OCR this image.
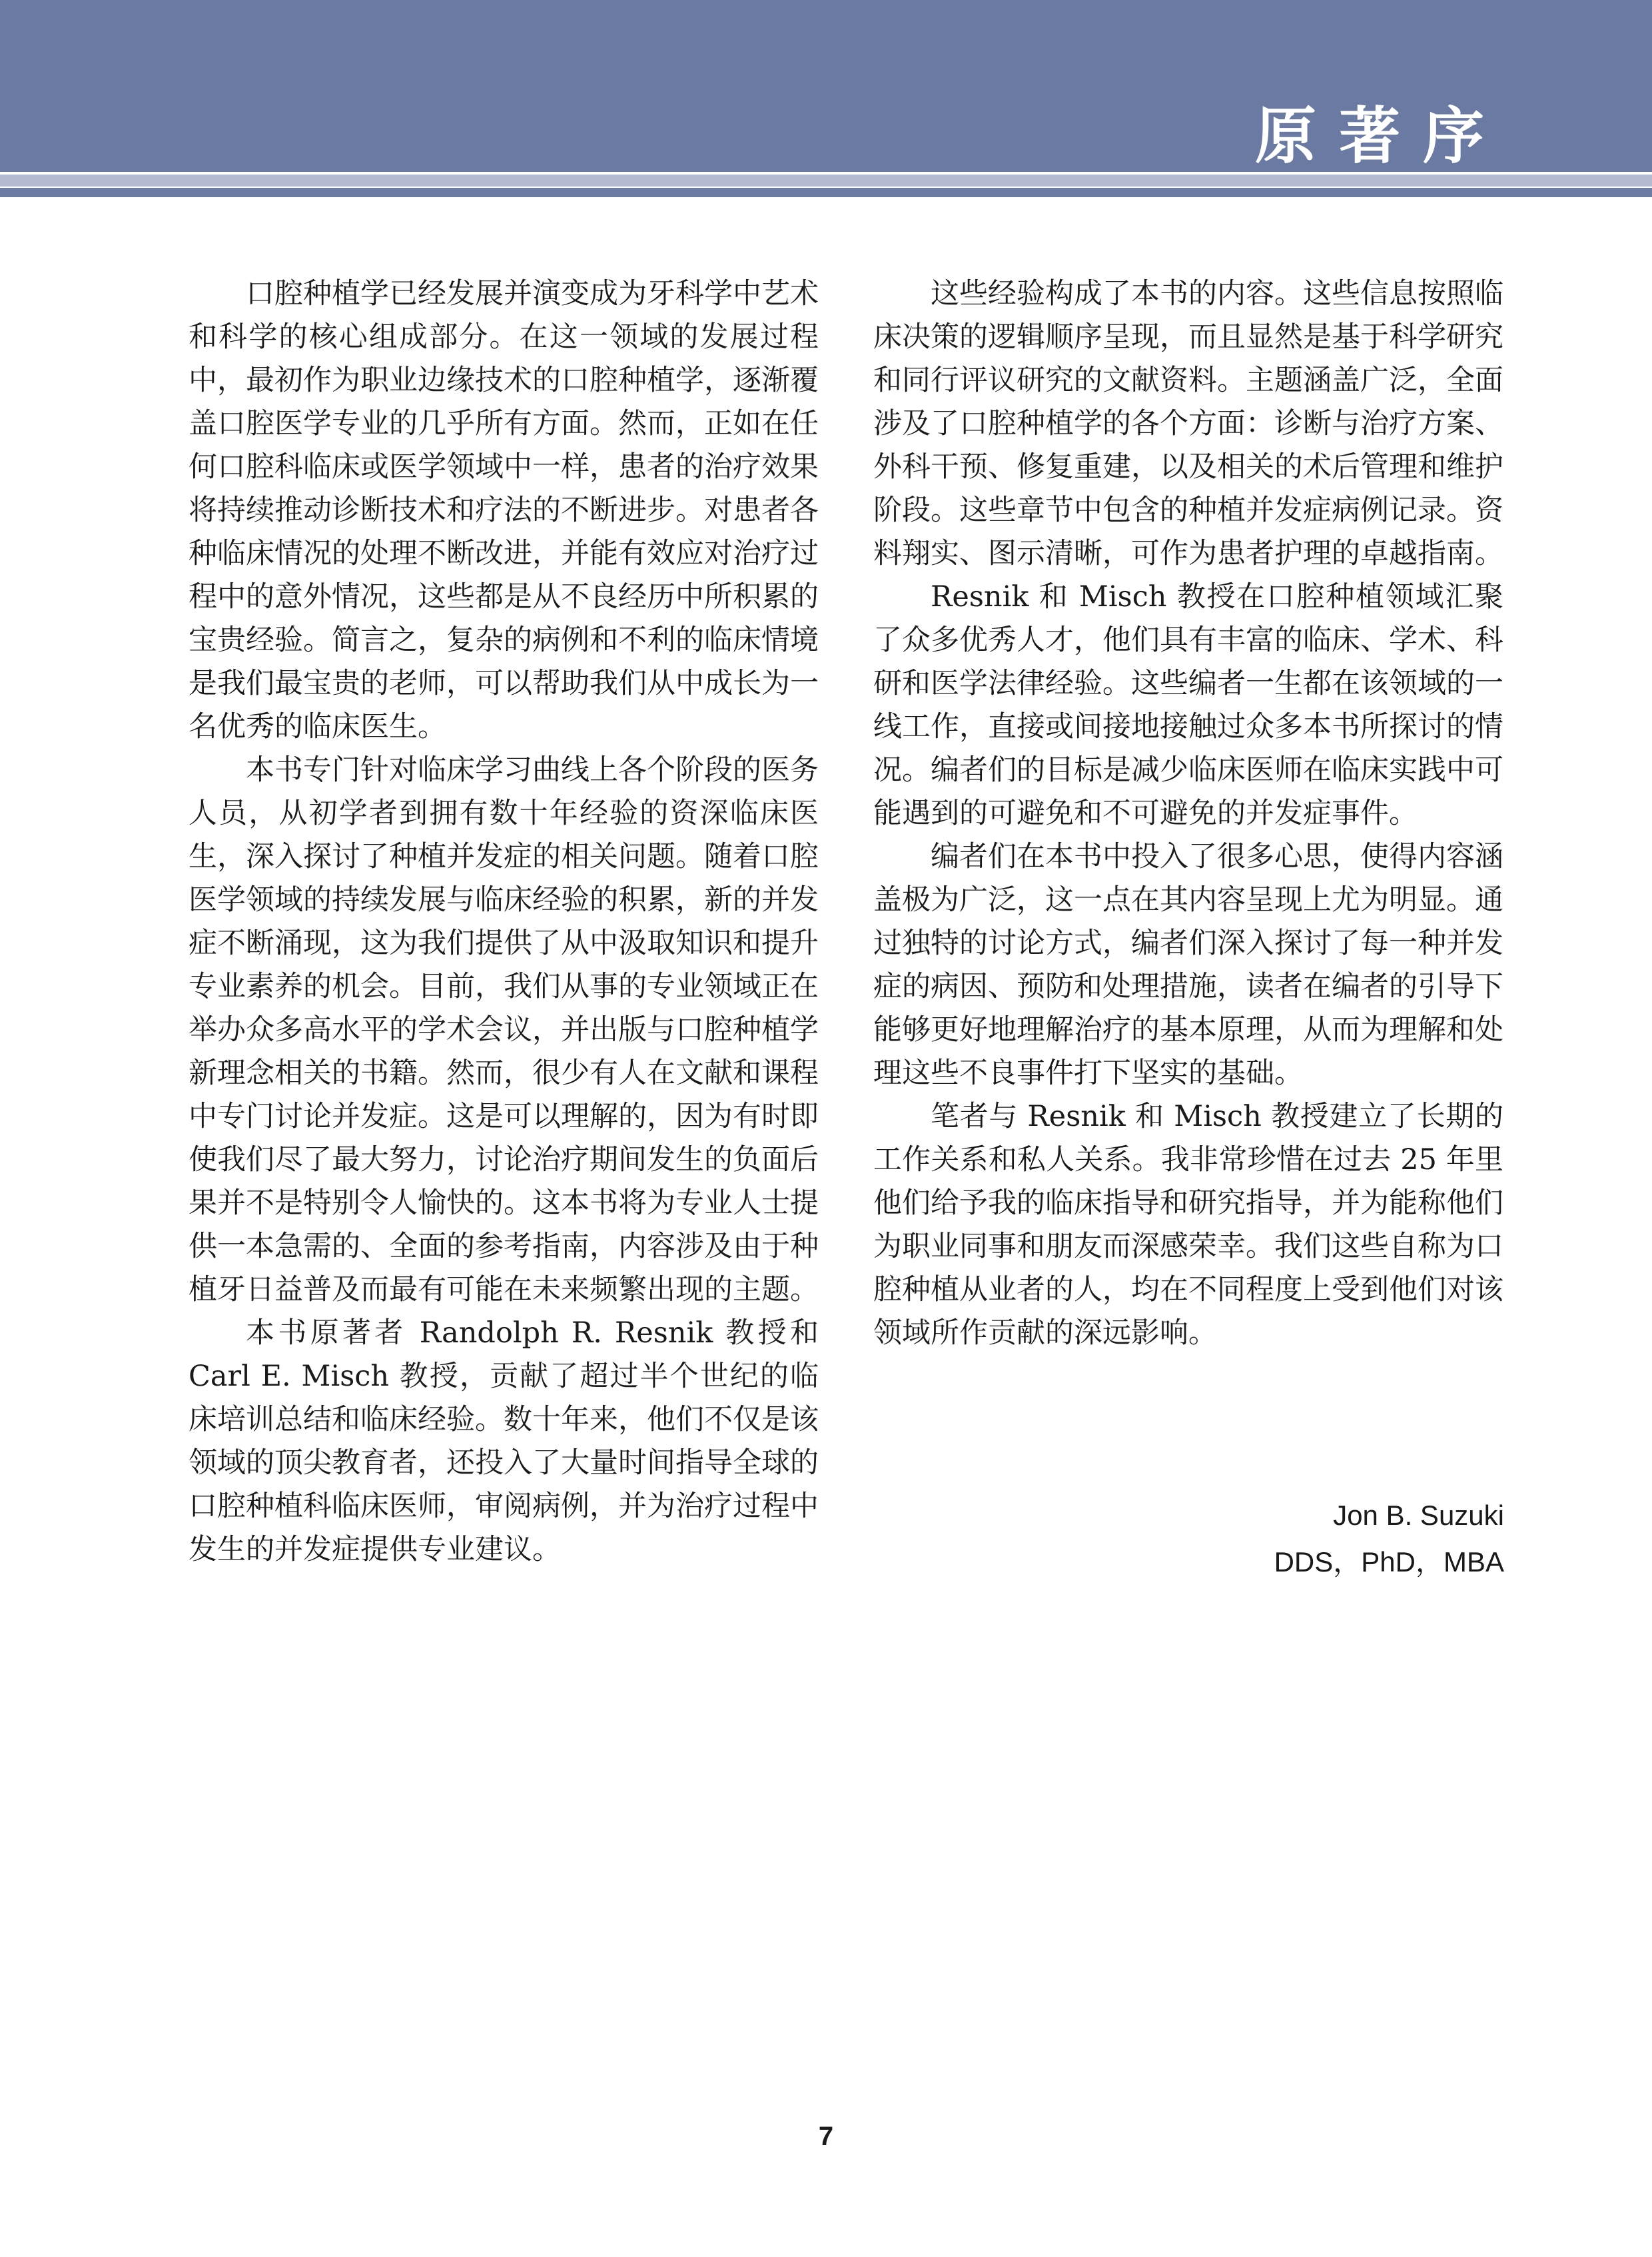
原著序

口腔种植学已经发展并演变成为牙科学中艺术和科学的核心组成部分。在这一领域的发展过程中，最初作为职业边缘技术的口腔种植学，逐渐覆盖口腔医学专业的几乎所有方面。然而，正如在任何口腔科临床或医学领域中一样，患者的治疗效果将持续推动诊断技术和疗法的不断进步。对患者各种临床情况的处理不断改进，并能有效应对治疗过程中的意外情况，这些都是从不良经历中所积累的宝贵经验。简言之，复杂的病例和不利的临床情境是我们最宝贵的老师，可以帮助我们从中成长为一名优秀的临床医生。

本书专门针对临床学习曲线上各个阶段的医务人员，从初学者到拥有数十年经验的资深临床医生，深入探讨了种植并发症的相关问题。随着口腔医学领域的持续发展与临床经验的积累，新的并发症不断涌现，这为我们提供了从中汲取知识和提升专业素养的机会。目前，我们从事的专业领域正在举办众多高水平的学术会议，并出版与口腔种植学新理念相关的书籍。然而，很少有人在文献和课程中专门讨论并发症。这是可以理解的，因为有时即使我们尽了最大努力，讨论治疗期间发生的负面后果并不是特别令人愉快的。这本书将为专业人士提供一本急需的、全面的参考指南，内容涉及由于种植牙日益普及而最有可能在未来频繁出现的主题。

本书原著者 Randolph R. Resnik 教授和 Carl E. Misch 教授，贡献了超过半个世纪的临床培训总结和临床经验。数十年来，他们不仅是该领域的顶尖教育者，还投入了大量时间指导全球的口腔种植科临床医师，审阅病例，并为治疗过程中发生的并发症提供专业建议。

这些经验构成了本书的内容。这些信息按照临床决策的逻辑顺序呈现，而且显然是基于科学研究和同行评议研究的文献资料。主题涵盖广泛，全面涉及了口腔种植学的各个方面：诊断与治疗方案、外科干预、修复重建，以及相关的术后管理和维护阶段。这些章节中包含的种植并发症病例记录。资料翔实、图示清晰，可作为患者护理的卓越指南。

Resnik 和 Misch 教授在口腔种植领域汇聚了众多优秀人才，他们具有丰富的临床、学术、科研和医学法律经验。这些编者一生都在该领域的一线工作，直接或间接地接触过众多本书所探讨的情况。编者们的目标是减少临床医师在临床实践中可能遇到的可避免和不可避免的并发症事件。

编者们在本书中投入了很多心思，使得内容涵盖极为广泛，这一点在其内容呈现上尤为明显。通过独特的讨论方式，编者们深入探讨了每一种并发症的病因、预防和处理措施，读者在编者的引导下能够更好地理解治疗的基本原理，从而为理解和处理这些不良事件打下坚实的基础。

笔者与 Resnik 和 Misch 教授建立了长期的工作关系和私人关系。我非常珍惜在过去 25 年里他们给予我的临床指导和研究指导，并为能称他们为职业同事和朋友而深感荣幸。我们这些自称为口腔种植从业者的人，均在不同程度上受到他们对该领域所作贡献的深远影响。

Jon B. Suzuki
DDS，PhD，MBA
7
